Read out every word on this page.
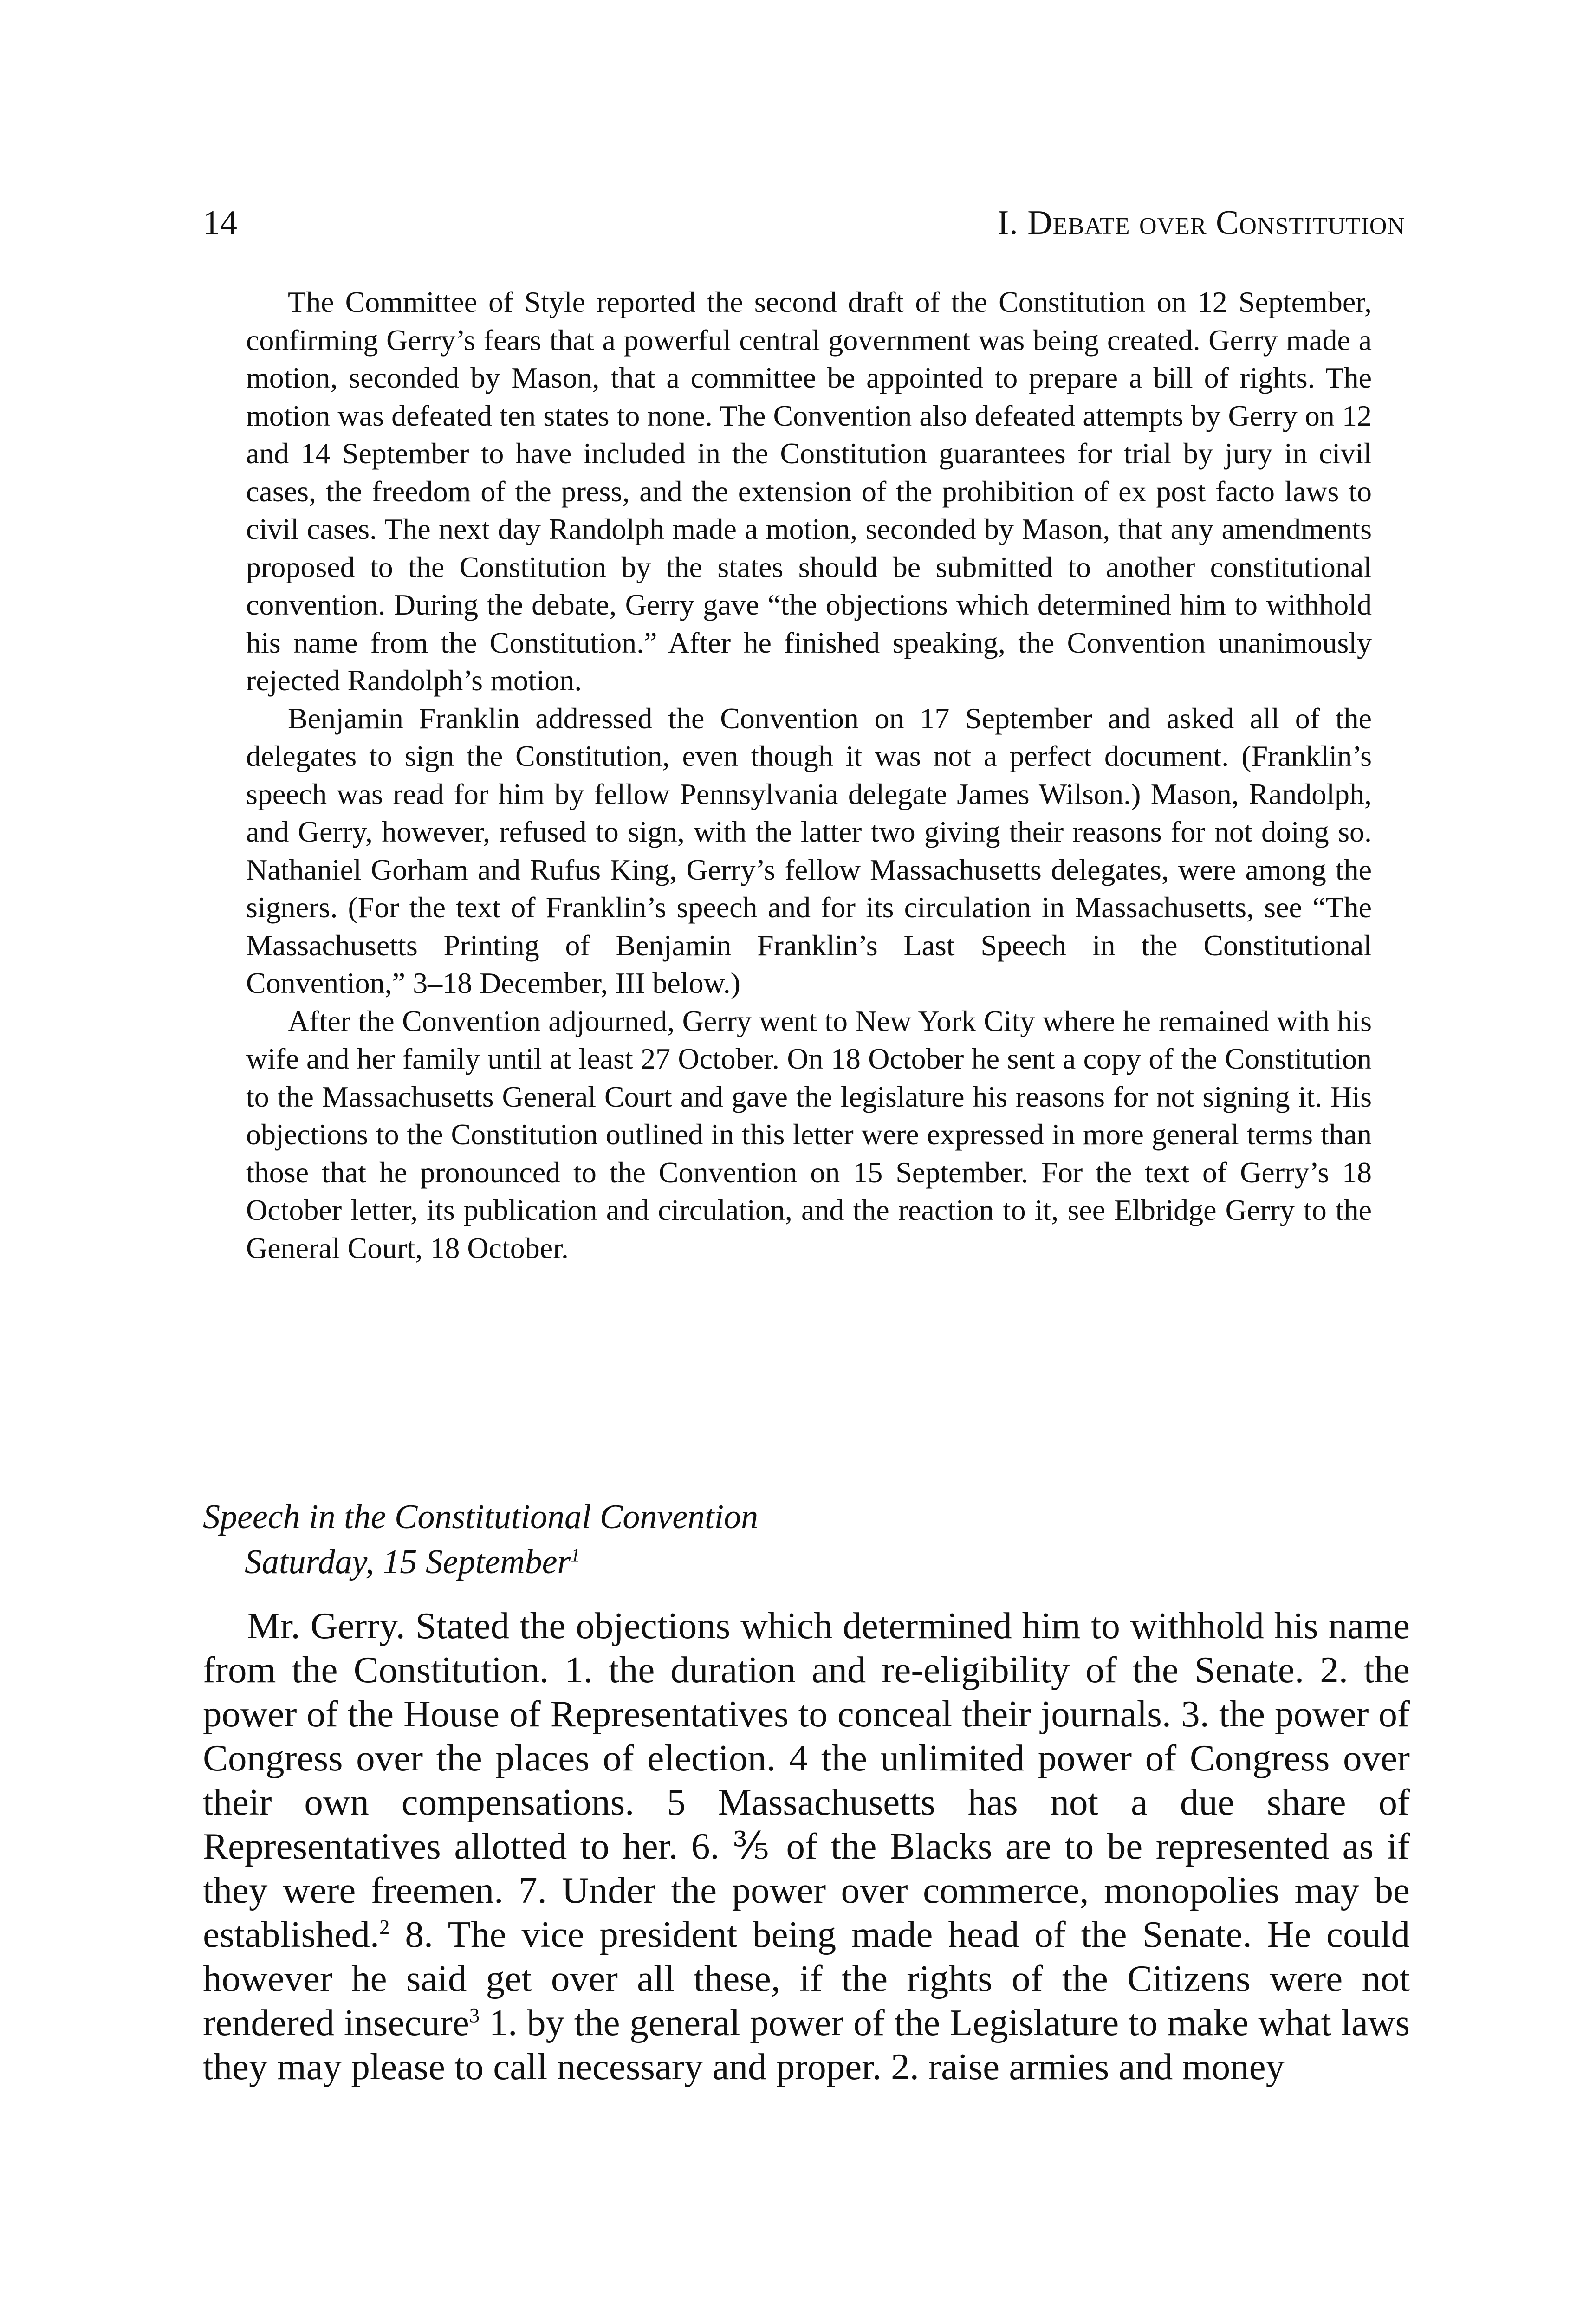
14	I. Debate over Constitution

The Committee of Style reported the second draft of the Constitution on 12 September, confirming Gerry’s fears that a powerful central government was being created. Gerry made a motion, seconded by Mason, that a committee be appointed to prepare a bill of rights. The motion was defeated ten states to none. The Convention also defeated attempts by Gerry on 12 and 14 September to have included in the Constitution guarantees for trial by jury in civil cases, the freedom of the press, and the extension of the prohibition of ex post facto laws to civil cases. The next day Randolph made a motion, seconded by Mason, that any amendments proposed to the Constitution by the states should be submitted to another constitutional convention. During the debate, Gerry gave “the objections which determined him to withhold his name from the Constitution.” After he finished speaking, the Convention unanimously rejected Randolph’s motion.

Benjamin Franklin addressed the Convention on 17 September and asked all of the delegates to sign the Constitution, even though it was not a perfect document. (Franklin’s speech was read for him by fellow Pennsylvania delegate James Wilson.) Mason, Randolph, and Gerry, however, refused to sign, with the latter two giving their reasons for not doing so. Nathaniel Gorham and Rufus King, Gerry’s fellow Massachusetts delegates, were among the signers. (For the text of Franklin’s speech and for its circulation in Massachusetts, see “The Massachusetts Printing of Benjamin Franklin’s Last Speech in the Constitutional Convention,” 3–18 December, III below.)

After the Convention adjourned, Gerry went to New York City where he remained with his wife and her family until at least 27 October. On 18 October he sent a copy of the Constitution to the Massachusetts General Court and gave the legislature his reasons for not signing it. His objections to the Constitution outlined in this letter were expressed in more general terms than those that he pronounced to the Convention on 15 September. For the text of Gerry’s 18 October letter, its publication and circulation, and the reaction to it, see Elbridge Gerry to the General Court, 18 October.

Speech in the Constitutional Convention
Saturday, 15 September$^1$

Mr. Gerry. Stated the objections which determined him to withhold his name from the Constitution. 1. the duration and re-eligibility of the Senate. 2. the power of the House of Representatives to conceal their journals. 3. the power of Congress over the places of election. 4 the unlimited power of Congress over their own compensations. 5 Massachusetts has not a due share of Representatives allotted to her. 6. ⅗ of the Blacks are to be represented as if they were freemen. 7. Under the power over commerce, monopolies may be established.$^2$ 8. The vice president being made head of the Senate. He could however he said get over all these, if the rights of the Citizens were not rendered insecure$^3$ 1. by the general power of the Legislature to make what laws they may please to call necessary and proper. 2. raise armies and money
